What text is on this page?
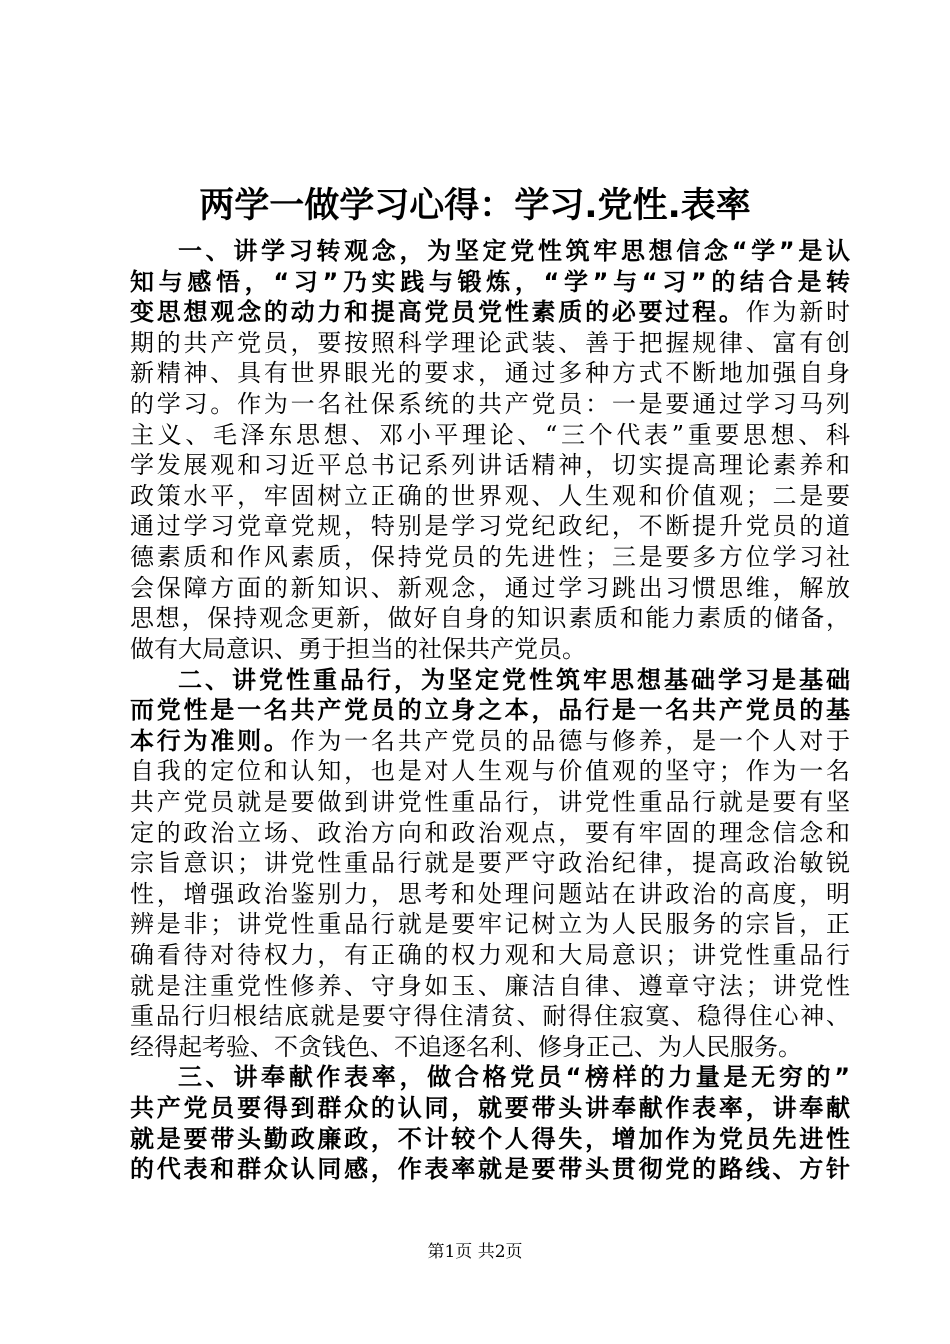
两学一做学习心得：学习.党性.表率
一、讲学习转观念，为坚定党性筑牢思想信念“学”是认
知与感悟，“习”乃实践与锻炼，“学”与“习”的结合是转
变思想观念的动力和提高党员党性素质的必要过程。作为新时
期的共产党员，要按照科学理论武装、善于把握规律、富有创
新精神、具有世界眼光的要求，通过多种方式不断地加强自身
的学习。作为一名社保系统的共产党员：一是要通过学习马列
主义、毛泽东思想、邓小平理论、“三个代表”重要思想、科
学发展观和习近平总书记系列讲话精神，切实提高理论素养和
政策水平，牢固树立正确的世界观、人生观和价值观；二是要
通过学习党章党规，特别是学习党纪政纪，不断提升党员的道
德素质和作风素质，保持党员的先进性；三是要多方位学习社
会保障方面的新知识、新观念，通过学习跳出习惯思维，解放
思想，保持观念更新，做好自身的知识素质和能力素质的储备，
做有大局意识、勇于担当的社保共产党员。
二、讲党性重品行，为坚定党性筑牢思想基础学习是基础
而党性是一名共产党员的立身之本，品行是一名共产党员的基
本行为准则。作为一名共产党员的品德与修养，是一个人对于
自我的定位和认知，也是对人生观与价值观的坚守；作为一名
共产党员就是要做到讲党性重品行，讲党性重品行就是要有坚
定的政治立场、政治方向和政治观点，要有牢固的理念信念和
宗旨意识；讲党性重品行就是要严守政治纪律，提高政治敏锐
性，增强政治鉴别力，思考和处理问题站在讲政治的高度，明
辨是非；讲党性重品行就是要牢记树立为人民服务的宗旨，正
确看待对待权力，有正确的权力观和大局意识；讲党性重品行
就是注重党性修养、守身如玉、廉洁自律、遵章守法；讲党性
重品行归根结底就是要守得住清贫、耐得住寂寞、稳得住心神、
经得起考验、不贪钱色、不追逐名利、修身正己、为人民服务。
三、讲奉献作表率，做合格党员“榜样的力量是无穷的”
共产党员要得到群众的认同，就要带头讲奉献作表率，讲奉献
就是要带头勤政廉政，不计较个人得失，增加作为党员先进性
的代表和群众认同感，作表率就是要带头贯彻党的路线、方针
第1页 共2页
